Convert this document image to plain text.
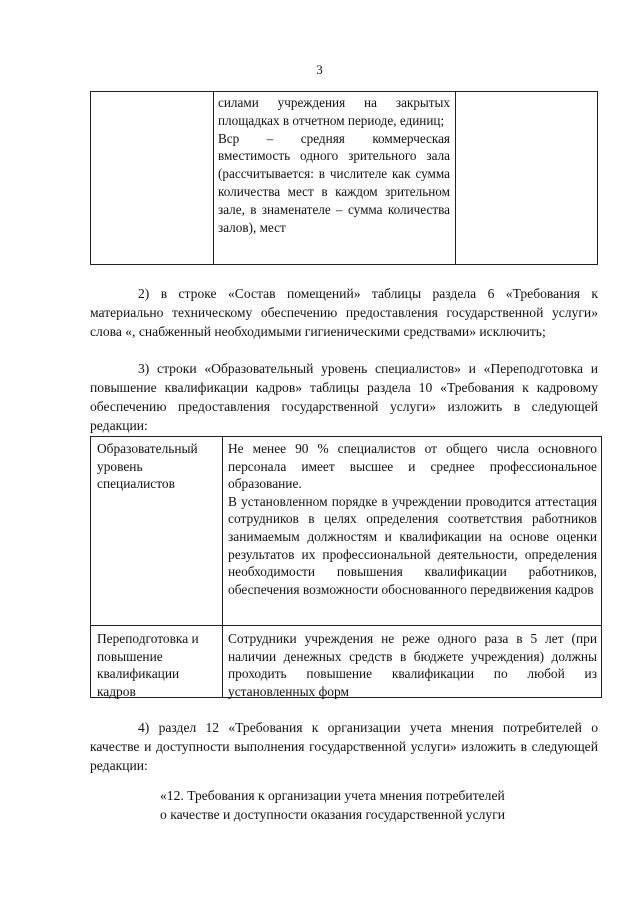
3

силами учреждения на закрытых площадках в отчетном периоде, единиц;

Вср – средняя коммерческая вместимость одного зрительного зала (рассчитывается: в числителе как сумма количества мест в каждом зрительном зале, в знаменателе – сумма количества залов), мест

2) в строке «Состав помещений» таблицы раздела 6 «Требования к материально техническому обеспечению предоставления государственной услуги» слова «, снабженный необходимыми гигиеническими средствами» исключить;

3) строки «Образовательный уровень специалистов» и «Переподготовка и повышение квалификации кадров» таблицы раздела 10 «Требования к кадровому обеспечению предоставления государственной услуги» изложить в следующей редакции:

Образовательный уровень специалистов

Не менее 90 % специалистов от общего числа основного персонала имеет высшее и среднее профессиональное образование.

В установленном порядке в учреждении проводится аттестация сотрудников в целях определения соответствия работников занимаемым должностям и квалификации на основе оценки результатов их профессиональной деятельности, определения необходимости повышения квалификации работников, обеспечения возможности обоснованного передвижения кадров

Переподготовка и повышение квалификации кадров

Сотрудники учреждения не реже одного раза в 5 лет (при наличии денежных средств в бюджете учреждения) должны проходить повышение квалификации по любой из установленных форм

4) раздел 12 «Требования к организации учета мнения потребителей о качестве и доступности выполнения государственной услуги» изложить в следующей редакции:

«12. Требования к организации учета мнения потребителей
о качестве и доступности оказания государственной услуги
